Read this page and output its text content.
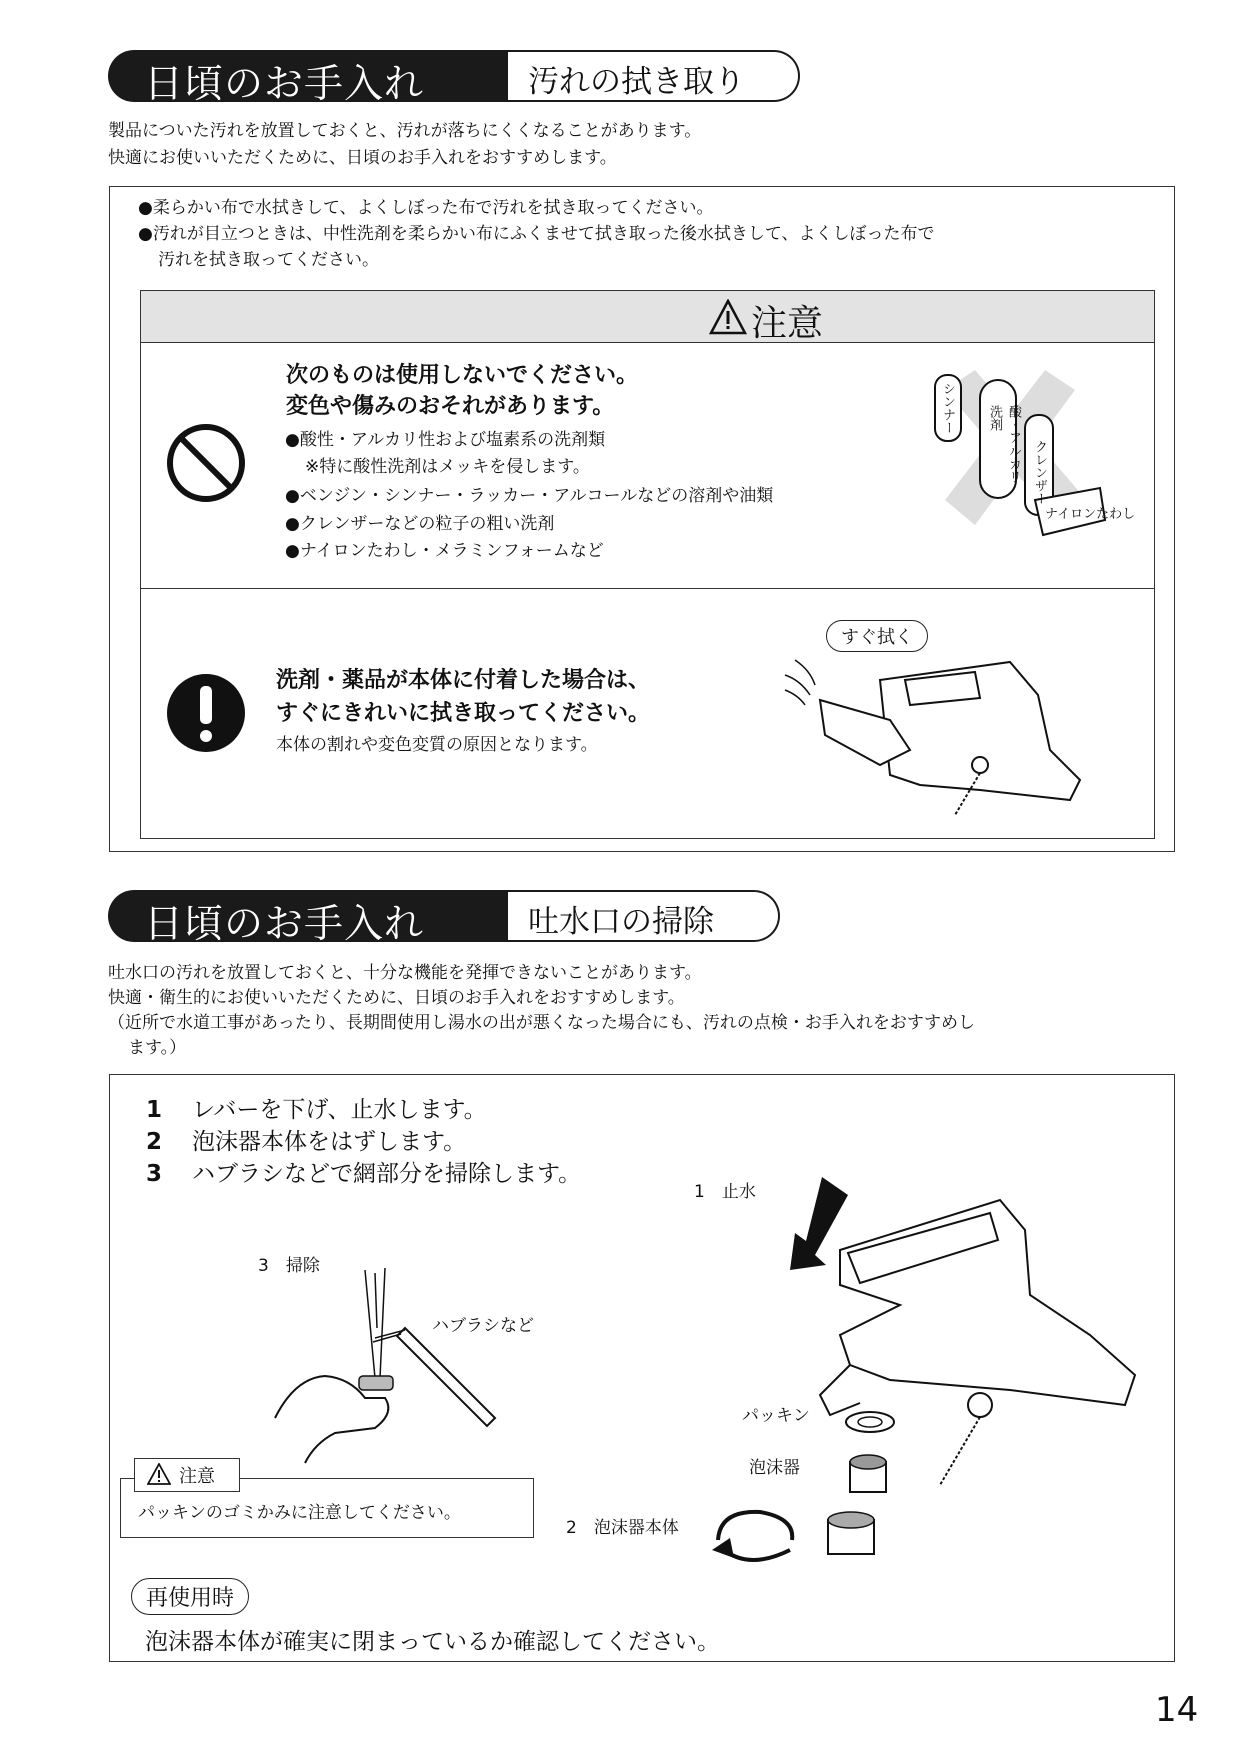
日頃のお手入れ	汚れの拭き取り
製品についた汚れを放置しておくと、汚れが落ちにくくなることがあります。
快適にお使いいただくために、日頃のお手入れをおすすめします。
●柔らかい布で水拭きして、よくしぼった布で汚れを拭き取ってください。
●汚れが目立つときは、中性洗剤を柔らかい布にふくませて拭き取った後水拭きして、よくしぼった布で
汚れを拭き取ってください。
注意
次のものは使用しないでください。
変色や傷みのおそれがあります。
●酸性・アルカリ性および塩素系の洗剤類
※特に酸性洗剤はメッキを侵します。
●ベンジン・シンナー・ラッカー・アルコールなどの溶剤や油類
●クレンザーなどの粒子の粗い洗剤
●ナイロンたわし・メラミンフォームなど
シンナー	酸・アルカリ洗剤
クレンザー
ナイロンたわし
洗剤・薬品が本体に付着した場合は、
すぐにきれいに拭き取ってください。
本体の割れや変色変質の原因となります。
すぐ拭く
日頃のお手入れ	吐水口の掃除
吐水口の汚れを放置しておくと、十分な機能を発揮できないことがあります。
快適・衛生的にお使いいただくために、日頃のお手入れをおすすめします。
（近所で水道工事があったり、長期間使用し湯水の出が悪くなった場合にも、汚れの点検・お手入れをおすすめし
ます。）
1 レバーを下げ、止水します。
2 泡沫器本体をはずします。
3 ハブラシなどで網部分を掃除します。
3　掃除
ハブラシなど
注意
パッキンのゴミかみに注意してください。
1　止水
パッキン
泡沫器
2　泡沫器本体
再使用時
泡沫器本体が確実に閉まっているか確認してください。
14
